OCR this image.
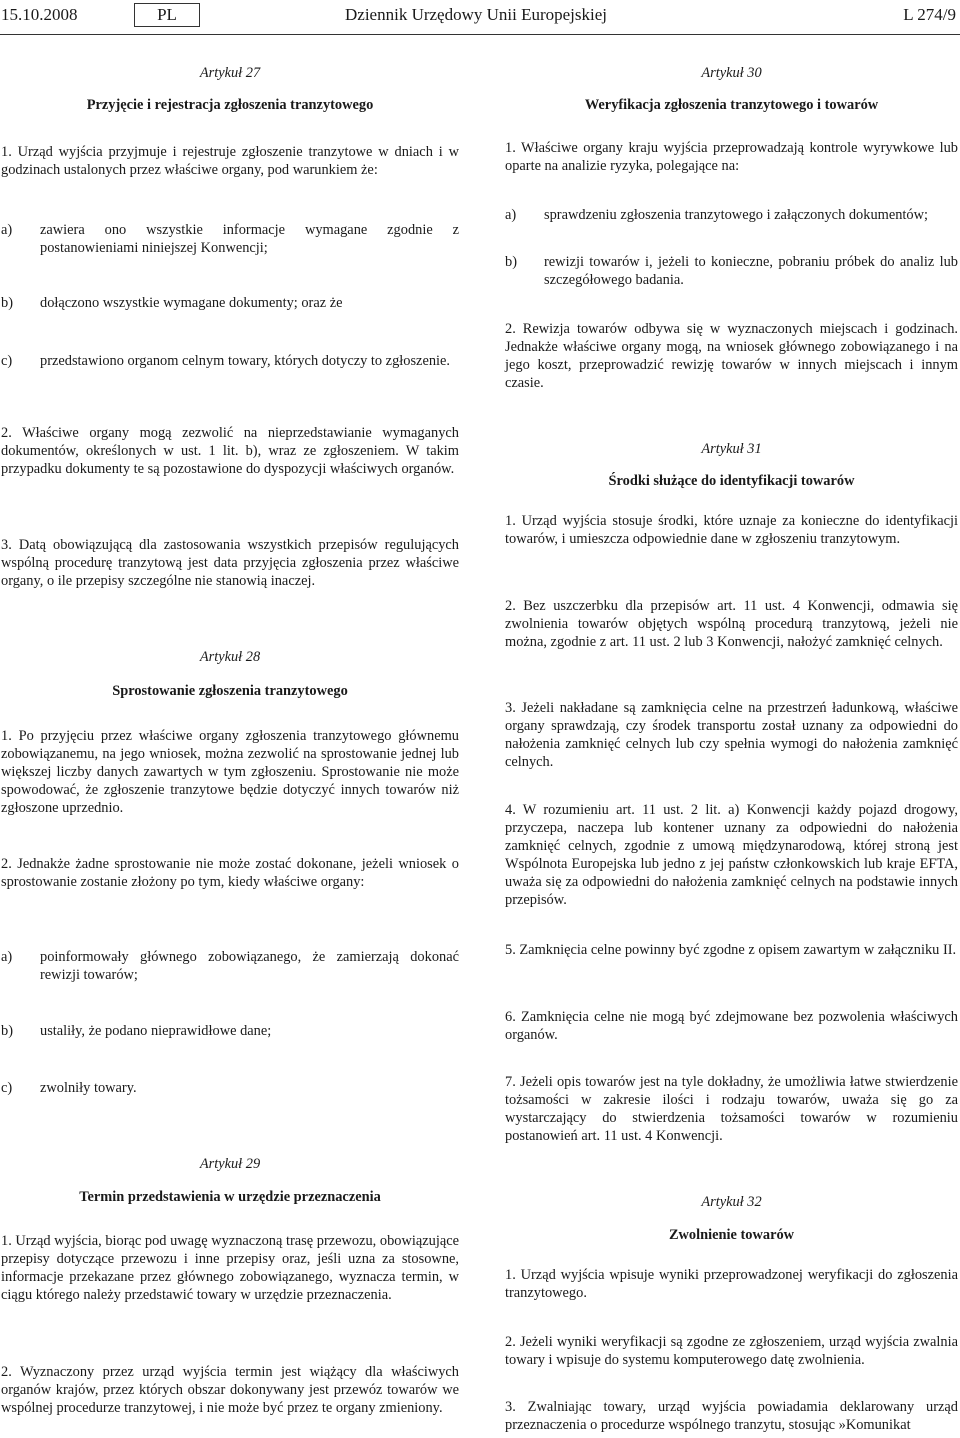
15.10.2008	PL	Dziennik Urzędowy Unii Europejskiej	L 274/9
Artykuł 27
Przyjęcie i rejestracja zgłoszenia tranzytowego
1. Urząd wyjścia przyjmuje i rejestruje zgłoszenie tranzytowe w dniach i w godzinach ustalonych przez właściwe organy, pod warunkiem że:
a) zawiera ono wszystkie informacje wymagane zgodnie z postanowieniami niniejszej Konwencji;
b) dołączono wszystkie wymagane dokumenty; oraz że
c) przedstawiono organom celnym towary, których dotyczy to zgłoszenie.
2. Właściwe organy mogą zezwolić na nieprzedstawianie wymaganych dokumentów, określonych w ust. 1 lit. b), wraz ze zgłoszeniem. W takim przypadku dokumenty te są pozostawione do dyspozycji właściwych organów.
3. Datą obowiązującą dla zastosowania wszystkich przepisów regulujących wspólną procedurę tranzytową jest data przyjęcia zgłoszenia przez właściwe organy, o ile przepisy szczególne nie stanowią inaczej.
Artykuł 28
Sprostowanie zgłoszenia tranzytowego
1. Po przyjęciu przez właściwe organy zgłoszenia tranzytowego głównemu zobowiązanemu, na jego wniosek, można zezwolić na sprostowanie jednej lub większej liczby danych zawartych w tym zgłoszeniu. Sprostowanie nie może spowodować, że zgłoszenie tranzytowe będzie dotyczyć innych towarów niż zgłoszone uprzednio.
2. Jednakże żadne sprostowanie nie może zostać dokonane, jeżeli wniosek o sprostowanie zostanie złożony po tym, kiedy właściwe organy:
a) poinformowały głównego zobowiązanego, że zamierzają dokonać rewizji towarów;
b) ustaliły, że podano nieprawidłowe dane;
c) zwolniły towary.
Artykuł 29
Termin przedstawienia w urzędzie przeznaczenia
1. Urząd wyjścia, biorąc pod uwagę wyznaczoną trasę przewozu, obowiązujące przepisy dotyczące przewozu i inne przepisy oraz, jeśli uzna za stosowne, informacje przekazane przez głównego zobowiązanego, wyznacza termin, w ciągu którego należy przedstawić towary w urzędzie przeznaczenia.
2. Wyznaczony przez urząd wyjścia termin jest wiążący dla właściwych organów krajów, przez których obszar dokonywany jest przewóz towarów we wspólnej procedurze tranzytowej, i nie może być przez te organy zmieniony.
Artykuł 30
Weryfikacja zgłoszenia tranzytowego i towarów
1. Właściwe organy kraju wyjścia przeprowadzają kontrole wyrywkowe lub oparte na analizie ryzyka, polegające na:
a) sprawdzeniu zgłoszenia tranzytowego i załączonych dokumentów;
b) rewizji towarów i, jeżeli to konieczne, pobraniu próbek do analiz lub szczegółowego badania.
2. Rewizja towarów odbywa się w wyznaczonych miejscach i godzinach. Jednakże właściwe organy mogą, na wniosek głównego zobowiązanego i na jego koszt, przeprowadzić rewizję towarów w innych miejscach i innym czasie.
Artykuł 31
Środki służące do identyfikacji towarów
1. Urząd wyjścia stosuje środki, które uznaje za konieczne do identyfikacji towarów, i umieszcza odpowiednie dane w zgłoszeniu tranzytowym.
2. Bez uszczerbku dla przepisów art. 11 ust. 4 Konwencji, odmawia się zwolnienia towarów objętych wspólną procedurą tranzytową, jeżeli nie można, zgodnie z art. 11 ust. 2 lub 3 Konwencji, nałożyć zamknięć celnych.
3. Jeżeli nakładane są zamknięcia celne na przestrzeń ładunkową, właściwe organy sprawdzają, czy środek transportu został uznany za odpowiedni do nałożenia zamknięć celnych lub czy spełnia wymogi do nałożenia zamknięć celnych.
4. W rozumieniu art. 11 ust. 2 lit. a) Konwencji każdy pojazd drogowy, przyczepa, naczepa lub kontener uznany za odpowiedni do nałożenia zamknięć celnych, zgodnie z umową międzynarodową, której stroną jest Wspólnota Europejska lub jedno z jej państw członkowskich lub kraje EFTA, uważa się za odpowiedni do nałożenia zamknięć celnych na podstawie innych przepisów.
5. Zamknięcia celne powinny być zgodne z opisem zawartym w załączniku II.
6. Zamknięcia celne nie mogą być zdejmowane bez pozwolenia właściwych organów.
7. Jeżeli opis towarów jest na tyle dokładny, że umożliwia łatwe stwierdzenie tożsamości w zakresie ilości i rodzaju towarów, uważa się go za wystarczający do stwierdzenia tożsamości towarów w rozumieniu postanowień art. 11 ust. 4 Konwencji.
Artykuł 32
Zwolnienie towarów
1. Urząd wyjścia wpisuje wyniki przeprowadzonej weryfikacji do zgłoszenia tranzytowego.
2. Jeżeli wyniki weryfikacji są zgodne ze zgłoszeniem, urząd wyjścia zwalnia towary i wpisuje do systemu komputerowego datę zwolnienia.
3. Zwalniając towary, urząd wyjścia powiadamia deklarowany urząd przeznaczenia o procedurze wspólnego tranzytu, stosując »Komunikat
